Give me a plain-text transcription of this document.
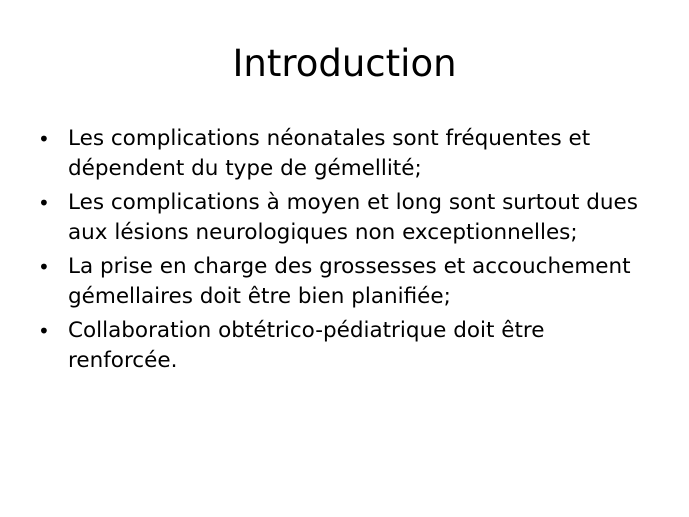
Introduction
• Les complications néonatales sont fréquentes et dépendent du type de gémellité;
• Les complications à moyen et long sont surtout dues aux lésions neurologiques non exceptionnelles;
• La prise en charge des grossesses et accouchement gémellaires doit être bien planifiée;
• Collaboration obtétrico-pédiatrique doit être renforcée.
